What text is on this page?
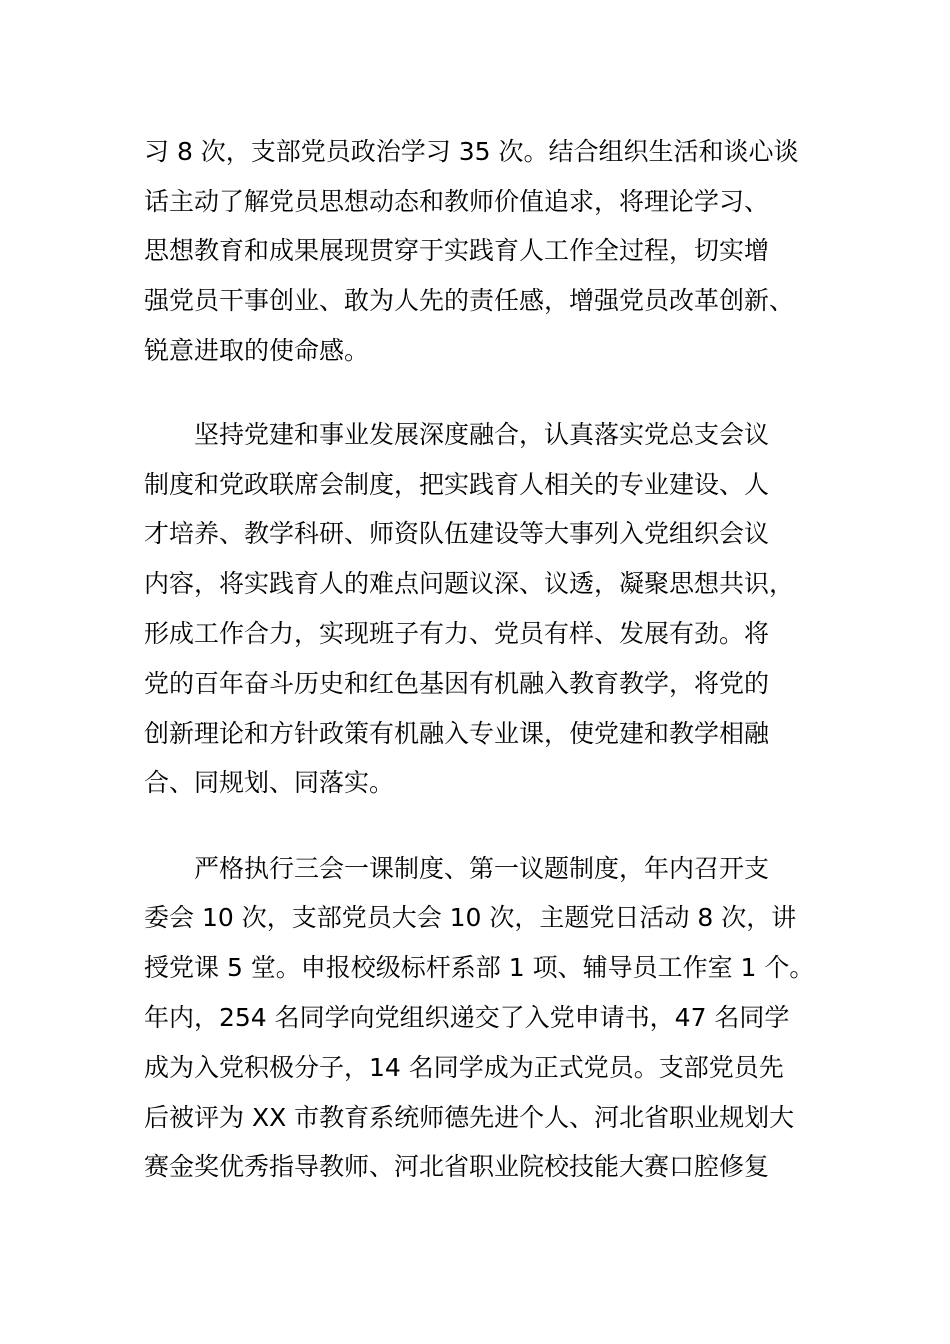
习 8 次，支部党员政治学习 35 次。结合组织生活和谈心谈
话主动了解党员思想动态和教师价值追求，将理论学习、
思想教育和成果展现贯穿于实践育人工作全过程，切实增
强党员干事创业、敢为人先的责任感，增强党员改革创新、
锐意进取的使命感。
坚持党建和事业发展深度融合，认真落实党总支会议
制度和党政联席会制度，把实践育人相关的专业建设、人
才培养、教学科研、师资队伍建设等大事列入党组织会议
内容，将实践育人的难点问题议深、议透，凝聚思想共识，
形成工作合力，实现班子有力、党员有样、发展有劲。将
党的百年奋斗历史和红色基因有机融入教育教学，将党的
创新理论和方针政策有机融入专业课，使党建和教学相融
合、同规划、同落实。
严格执行三会一课制度、第一议题制度，年内召开支
委会 10 次，支部党员大会 10 次，主题党日活动 8 次，讲
授党课 5 堂。申报校级标杆系部 1 项、辅导员工作室 1 个。
年内，254 名同学向党组织递交了入党申请书，47 名同学
成为入党积极分子，14 名同学成为正式党员。支部党员先
后被评为 XX 市教育系统师德先进个人、河北省职业规划大
赛金奖优秀指导教师、河北省职业院校技能大赛口腔修复
